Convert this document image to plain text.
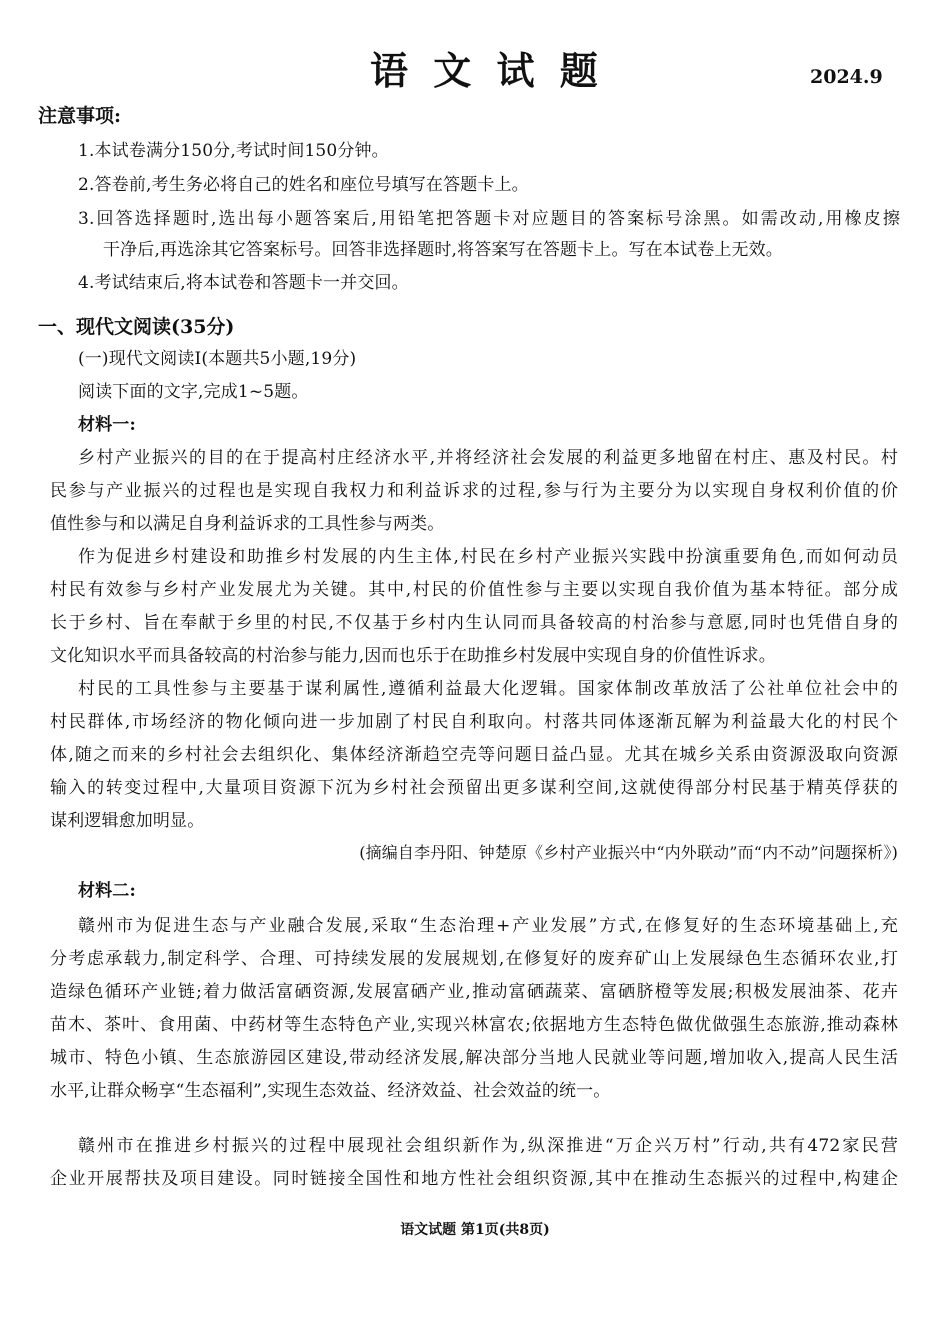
语 文 试 题	2024.9
注意事项:
1.本试卷满分150分,考试时间150分钟。
2.答卷前,考生务必将自己的姓名和座位号填写在答题卡上。
3.回答选择题时,选出每小题答案后,用铅笔把答题卡对应题目的答案标号涂黑。如需改动,用橡皮擦
干净后,再选涂其它答案标号。回答非选择题时,将答案写在答题卡上。写在本试卷上无效。
4.考试结束后,将本试卷和答题卡一并交回。
一、现代文阅读(35分)
(一)现代文阅读Ⅰ(本题共5小题,19分)
阅读下面的文字,完成1~5题。
材料一:
乡村产业振兴的目的在于提高村庄经济水平,并将经济社会发展的利益更多地留在村庄、惠及村民。村
民参与产业振兴的过程也是实现自我权力和利益诉求的过程,参与行为主要分为以实现自身权利价值的价
值性参与和以满足自身利益诉求的工具性参与两类。
作为促进乡村建设和助推乡村发展的内生主体,村民在乡村产业振兴实践中扮演重要角色,而如何动员
村民有效参与乡村产业发展尤为关键。其中,村民的价值性参与主要以实现自我价值为基本特征。部分成
长于乡村、旨在奉献于乡里的村民,不仅基于乡村内生认同而具备较高的村治参与意愿,同时也凭借自身的
文化知识水平而具备较高的村治参与能力,因而也乐于在助推乡村发展中实现自身的价值性诉求。
村民的工具性参与主要基于谋利属性,遵循利益最大化逻辑。国家体制改革放活了公社单位社会中的
村民群体,市场经济的物化倾向进一步加剧了村民自利取向。村落共同体逐渐瓦解为利益最大化的村民个
体,随之而来的乡村社会去组织化、集体经济渐趋空壳等问题日益凸显。尤其在城乡关系由资源汲取向资源
输入的转变过程中,大量项目资源下沉为乡村社会预留出更多谋利空间,这就使得部分村民基于精英俘获的
谋利逻辑愈加明显。
(摘编自李丹阳、钟楚原《乡村产业振兴中“内外联动”而“内不动”问题探析》)
材料二:
赣州市为促进生态与产业融合发展,采取“生态治理+产业发展”方式,在修复好的生态环境基础上,充
分考虑承载力,制定科学、合理、可持续发展的发展规划,在修复好的废弃矿山上发展绿色生态循环农业,打
造绿色循环产业链;着力做活富硒资源,发展富硒产业,推动富硒蔬菜、富硒脐橙等发展;积极发展油茶、花卉
苗木、茶叶、食用菌、中药材等生态特色产业,实现兴林富农;依据地方生态特色做优做强生态旅游,推动森林
城市、特色小镇、生态旅游园区建设,带动经济发展,解决部分当地人民就业等问题,增加收入,提高人民生活
水平,让群众畅享“生态福利”,实现生态效益、经济效益、社会效益的统一。
赣州市在推进乡村振兴的过程中展现社会组织新作为,纵深推进“万企兴万村”行动,共有472家民营
企业开展帮扶及项目建设。同时链接全国性和地方性社会组织资源,其中在推动生态振兴的过程中,构建企
语文试题 第1页(共8页)
